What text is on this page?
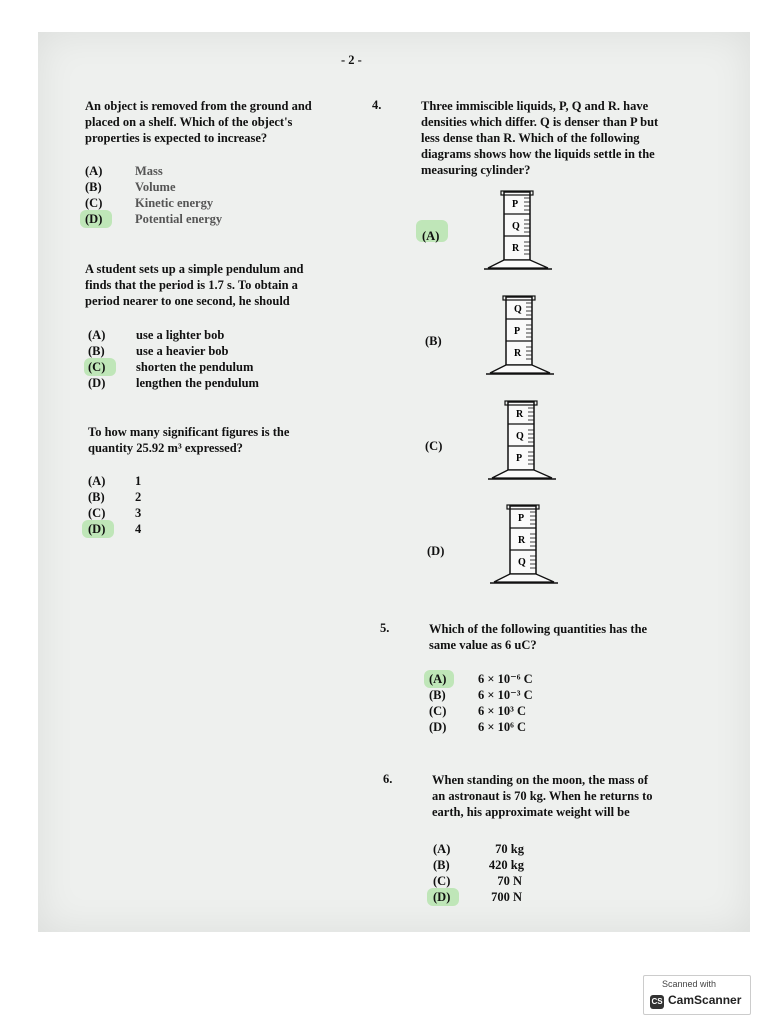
- 2 -
An object is removed from the ground and
placed on a shelf. Which of the object's
properties is expected to increase?
(A)	Mass
(B)	Volume
(C)	Kinetic energy
(D)	Potential energy
A student sets up a simple pendulum and
finds that the period is 1.7 s. To obtain a
period nearer to one second, he should
(A) use a lighter bob
(B)	use a heavier bob
(C) shorten the pendulum
(D) lengthen the pendulum
To how many significant figures is the
quantity 25.92 m³ expressed?
(A) 1
(B) 2
(C) 3
(D) 4
4.	Three immiscible liquids, P, Q and R. have
densities which differ. Q is denser than P but
less dense than R. Which of the following
diagrams shows how the liquids settle in the
measuring cylinder?
(A)
(B)
(C)
(D)
P
Q
R
Q
P
R
R
Q
P
P
R
Q
5.	Which of the following quantities has the
same value as 6 uC?
(A)	6 × 10⁻⁶ C
(B)	6 × 10⁻³ C
(C)	6 × 10³ C
(D)	6 × 10⁶ C
6.	When standing on the moon, the mass of
an astronaut is 70 kg. When he returns to
earth, his approximate weight will be
(A)	70 kg
(B)	420 kg
(C)	70 N
(D)	700 N
Scanned with
CS CamScanner
